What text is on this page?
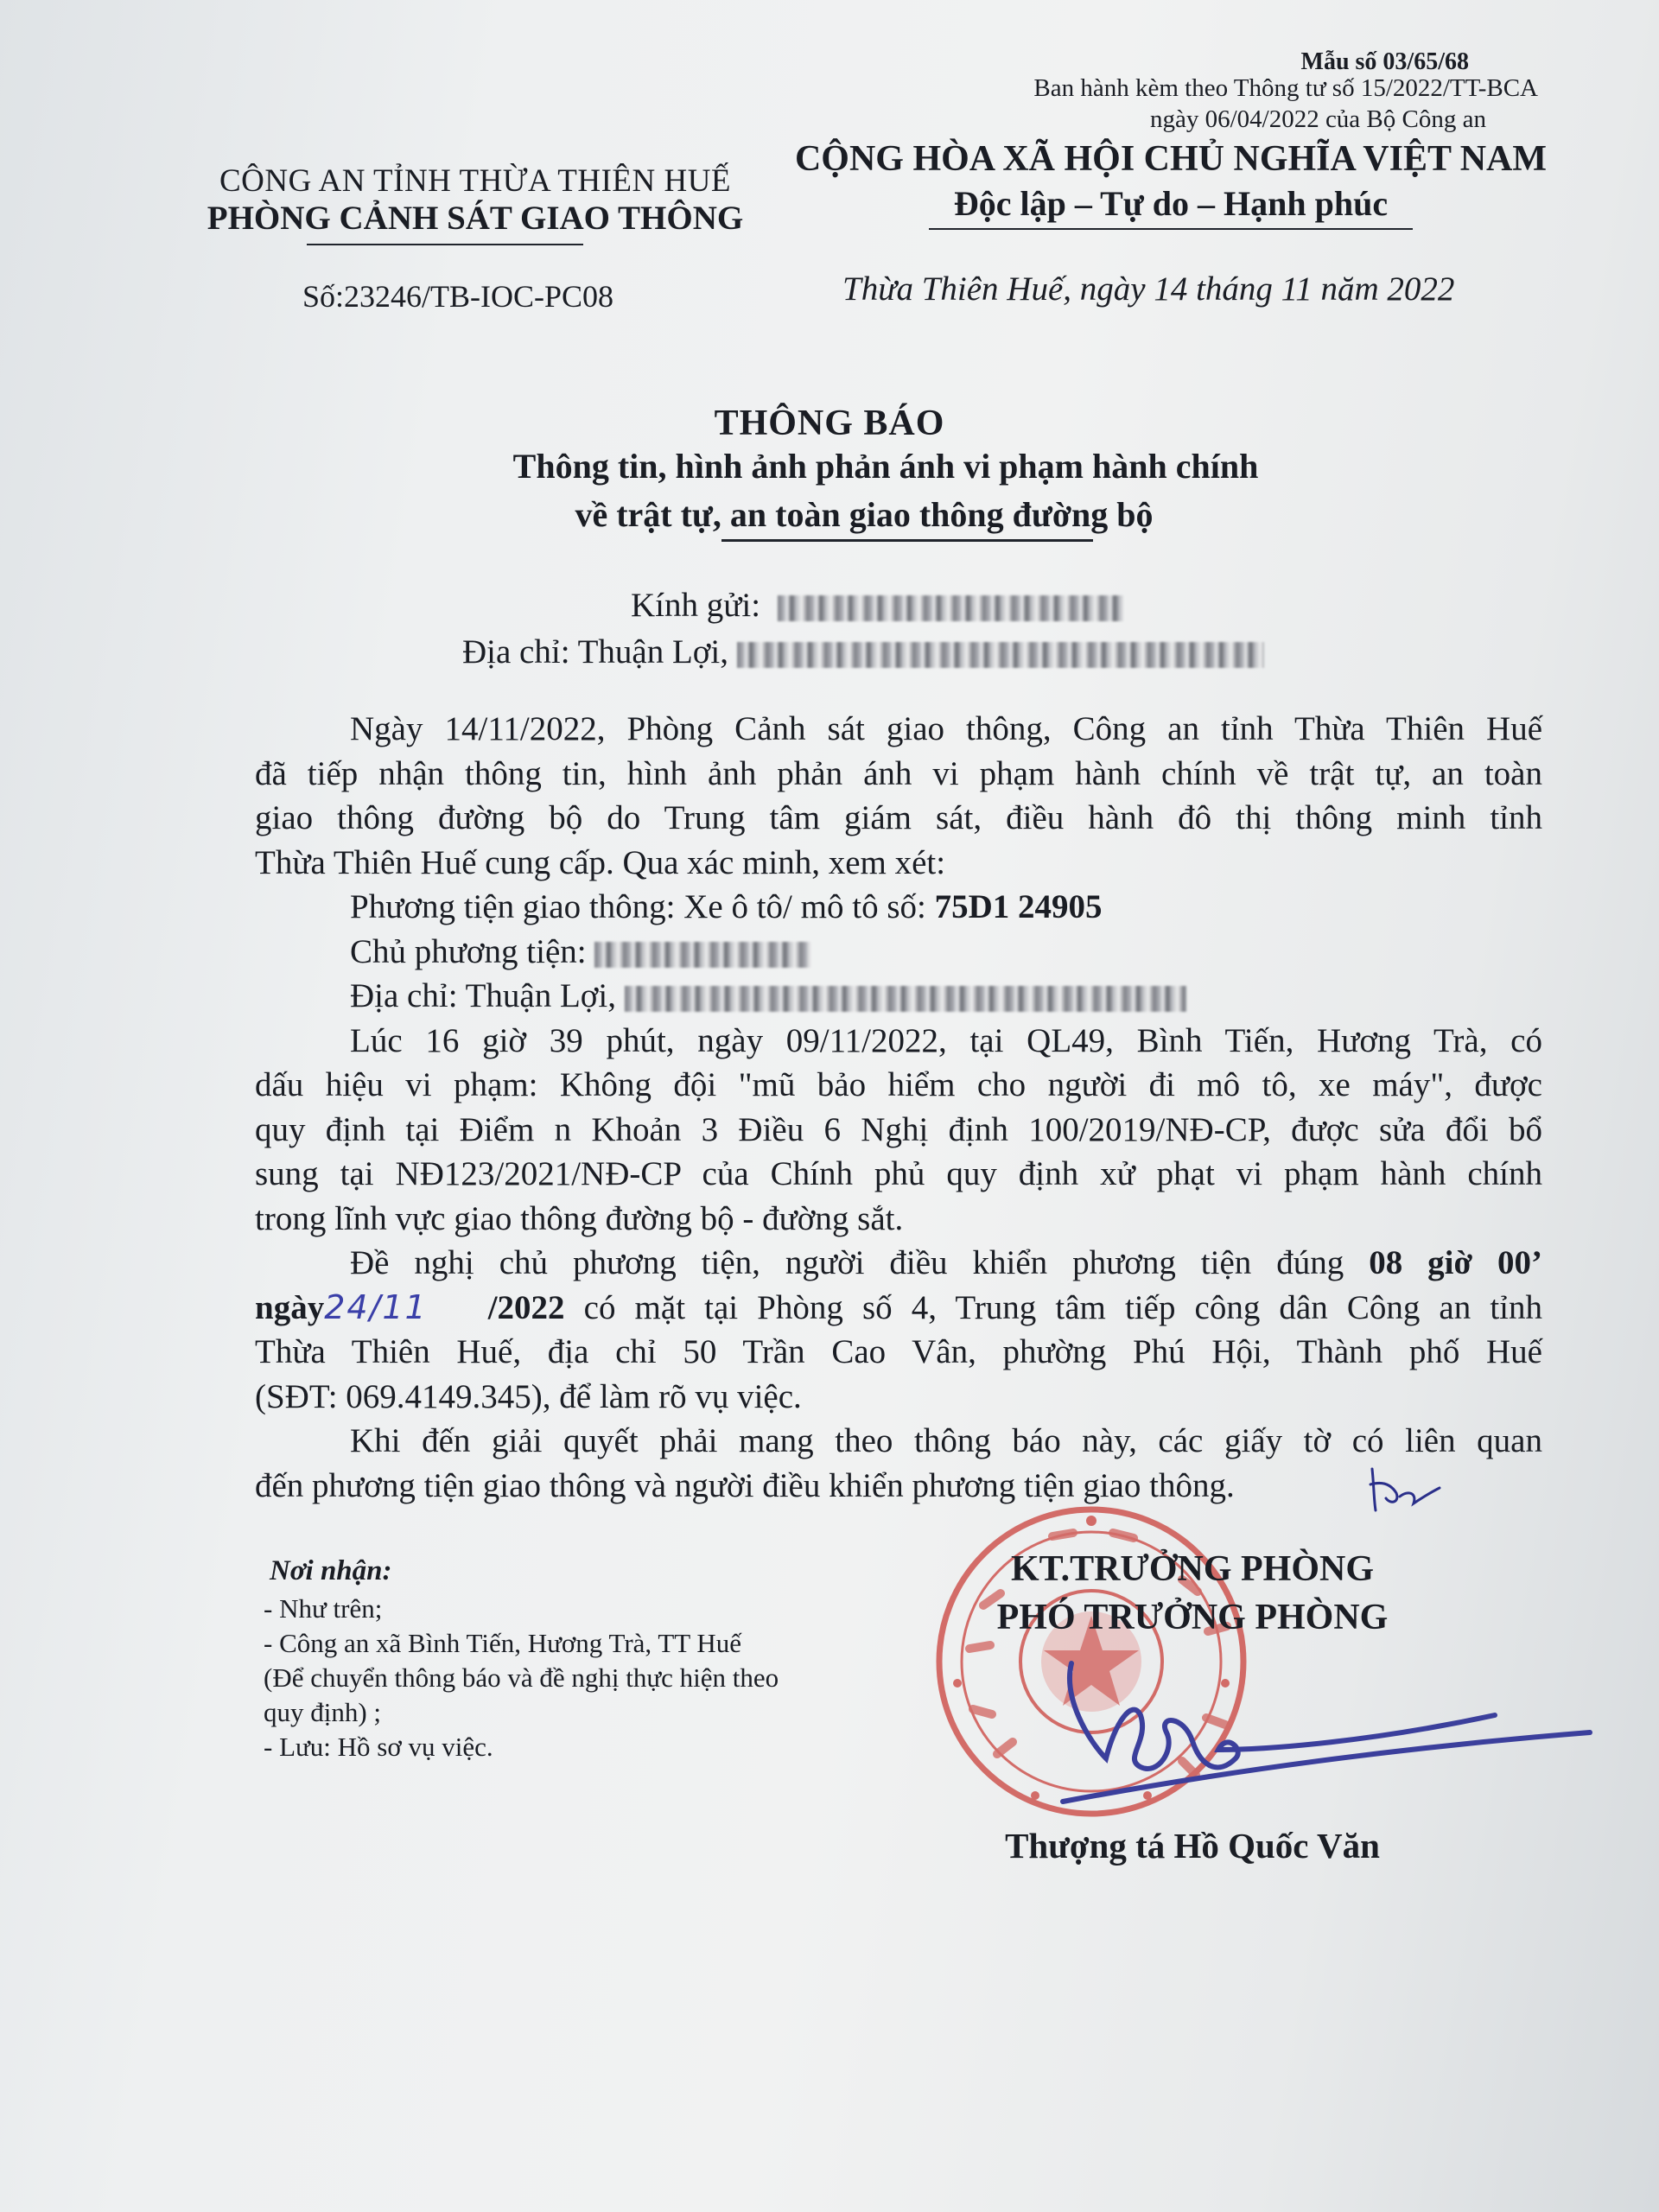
Mẫu số 03/65/68
Ban hành kèm theo Thông tư số 15/2022/TT-BCA
ngày 06/04/2022 của Bộ Công an
CÔNG AN TỈNH THỪA THIÊN HUẾ
PHÒNG CẢNH SÁT GIAO THÔNG
CỘNG HÒA XÃ HỘI CHỦ NGHĨA VIỆT NAM
Độc lập – Tự do – Hạnh phúc
Số:23246/TB-IOC-PC08	Thừa Thiên Huế, ngày 14 tháng 11 năm 2022
THÔNG BÁO
Thông tin, hình ảnh phản ánh vi phạm hành chính
về trật tự, an toàn giao thông đường bộ
Kính gửi:
Địa chỉ: Thuận Lợi,

Ngày 14/11/2022, Phòng Cảnh sát giao thông, Công an tỉnh Thừa Thiên Huế

đã tiếp nhận thông tin, hình ảnh phản ánh vi phạm hành chính về trật tự, an toàn

giao thông đường bộ do Trung tâm giám sát, điều hành đô thị thông minh tỉnh

Thừa Thiên Huế cung cấp. Qua xác minh, xem xét:

Phương tiện giao thông: Xe ô tô/ mô tô số: 75D1 24905

Chủ phương tiện:

Địa chỉ: Thuận Lợi,

Lúc 16 giờ 39 phút, ngày 09/11/2022, tại QL49, Bình Tiến, Hương Trà, có

dấu hiệu vi phạm: Không đội "mũ bảo hiểm cho người đi mô tô, xe máy", được

quy định tại Điểm n Khoản 3 Điều 6 Nghị định 100/2019/NĐ-CP, được sửa đổi bổ

sung tại NĐ123/2021/NĐ-CP của Chính phủ quy định xử phạt vi phạm hành chính

trong lĩnh vực giao thông đường bộ - đường sắt.

Đề nghị chủ phương tiện, người điều khiển phương tiện đúng 08 giờ 00’

ngày24/11 /2022 có mặt tại Phòng số 4, Trung tâm tiếp công dân Công an tỉnh

Thừa Thiên Huế, địa chỉ 50 Trần Cao Vân, phường Phú Hội, Thành phố Huế

(SĐT: 069.4149.345), để làm rõ vụ việc.

Khi đến giải quyết phải mang theo thông báo này, các giấy tờ có liên quan

đến phương tiện giao thông và người điều khiển phương tiện giao thông.

Nơi nhận:
- Như trên;
- Công an xã Bình Tiến, Hương Trà, TT Huế
(Để chuyển thông báo và đề nghị thực hiện theo
quy định) ;
- Lưu: Hồ sơ vụ việc.
KT.TRƯỞNG PHÒNG
PHÓ TRƯỞNG PHÒNG
Thượng tá Hồ Quốc Văn
